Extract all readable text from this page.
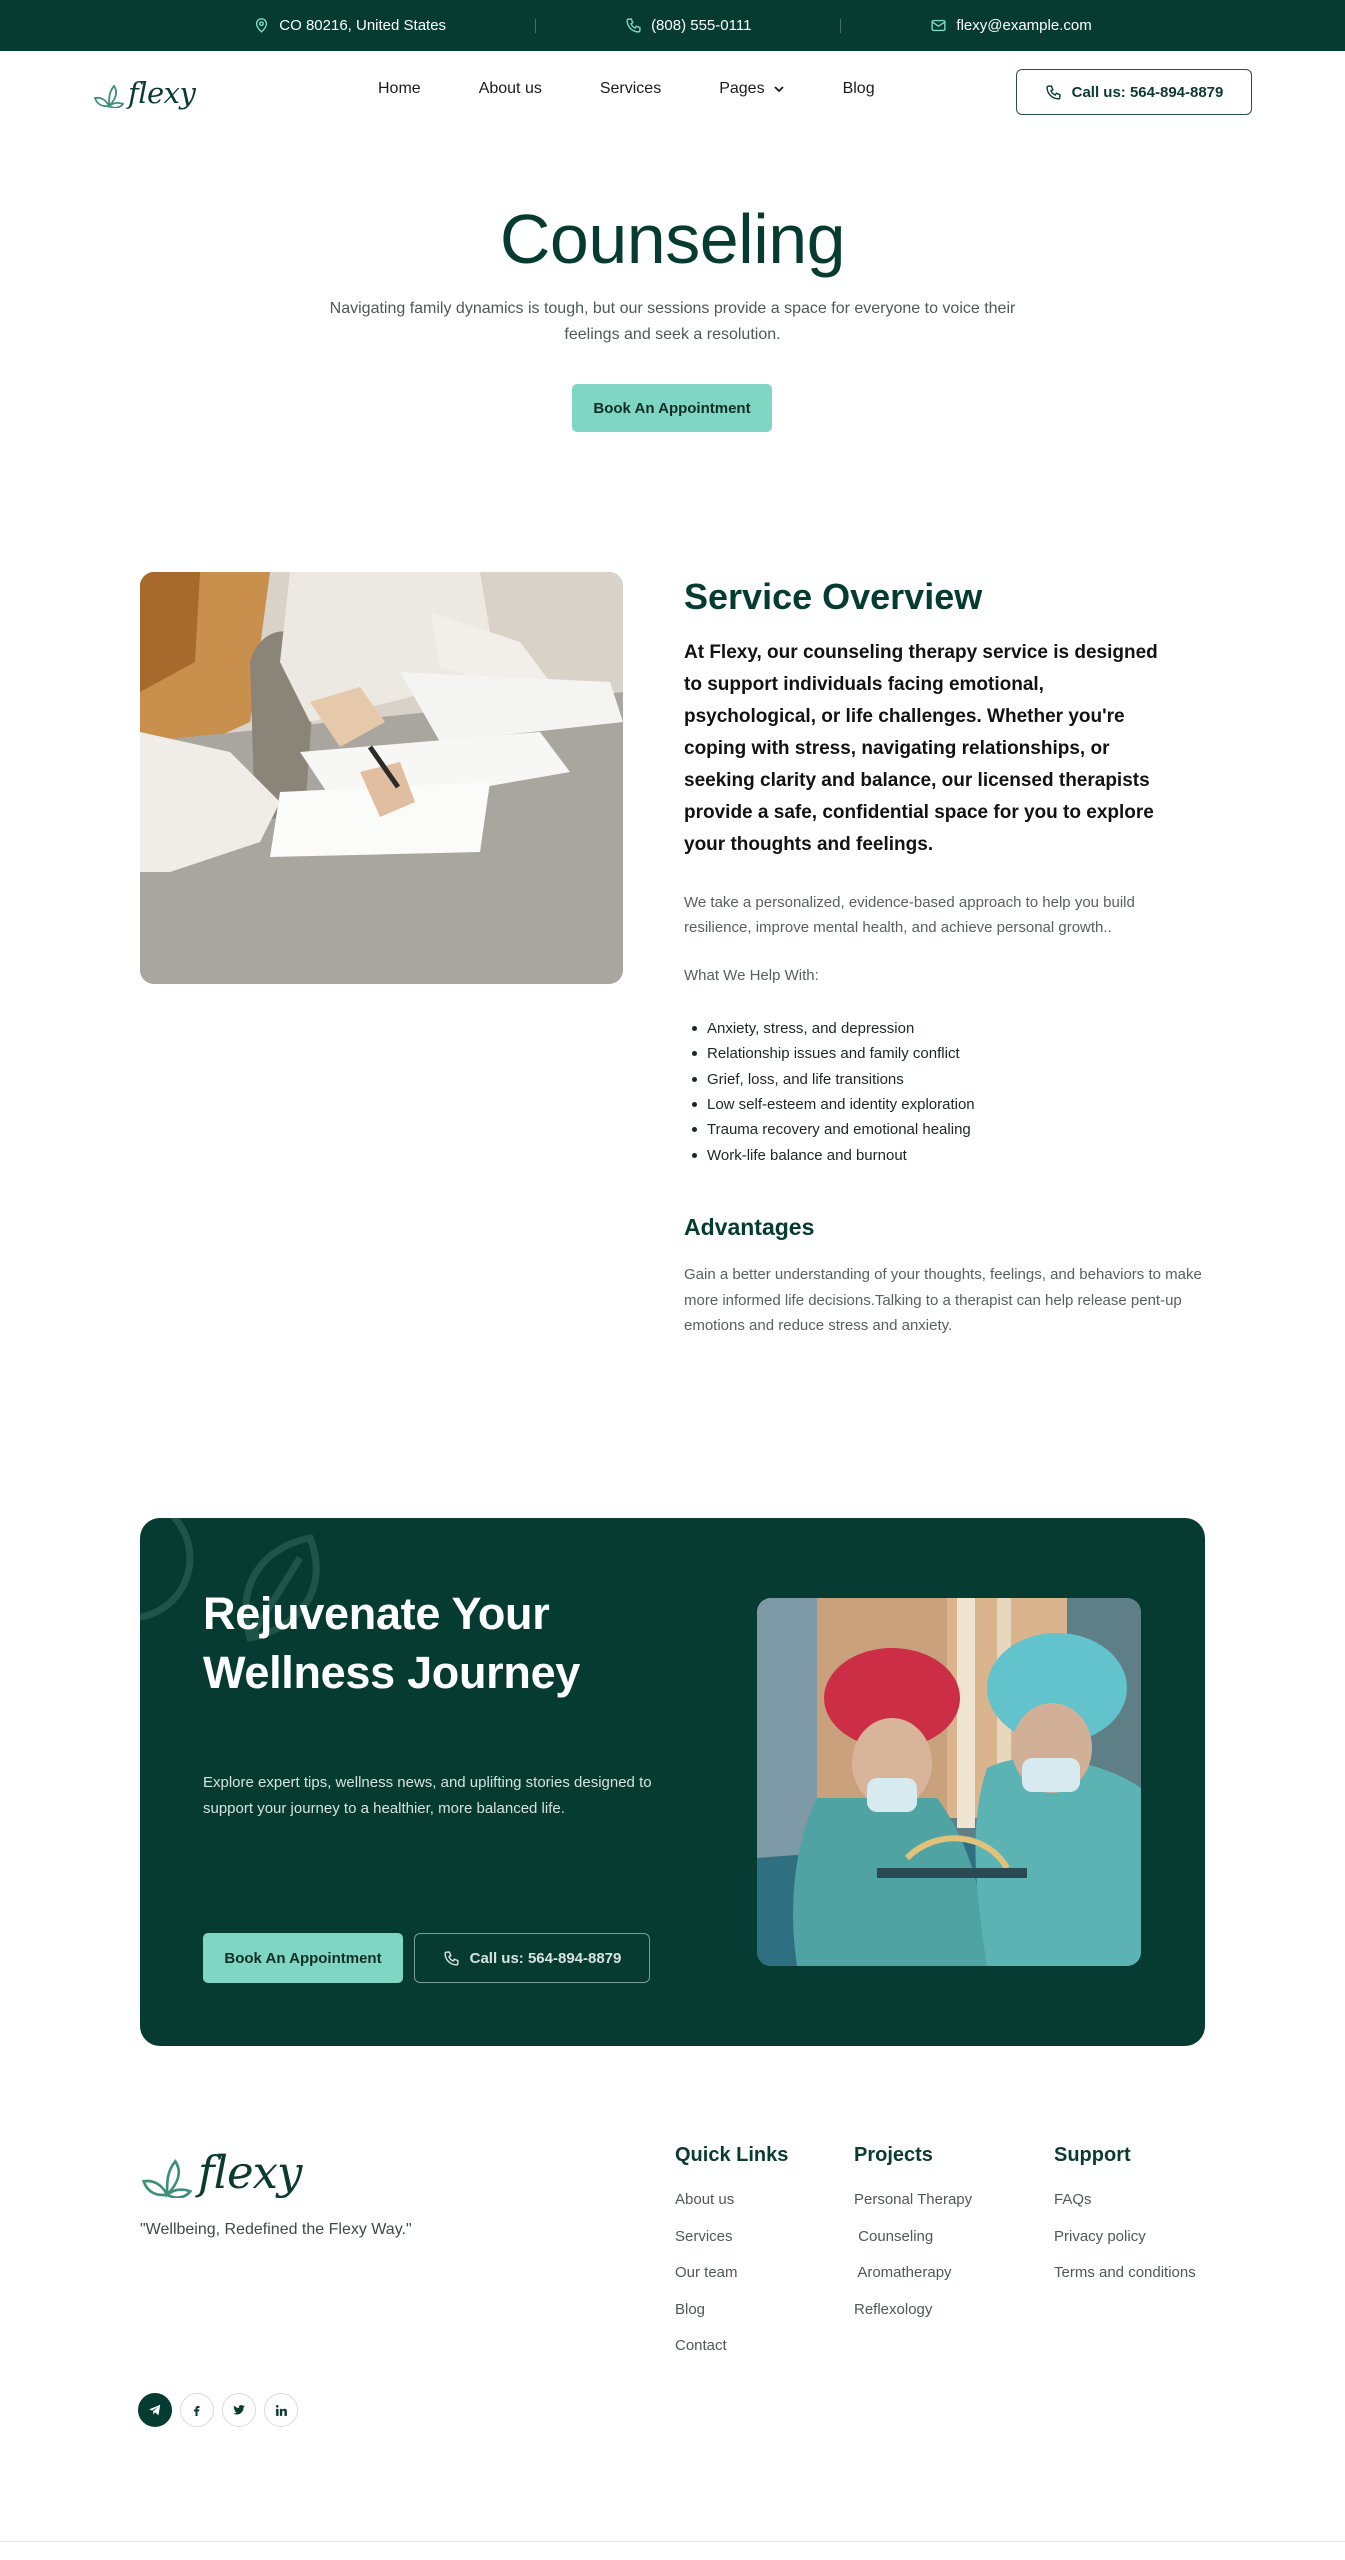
CO 80216, United States	(808) 555-0111	flexy@example.com
flexy	Home	About us	Services	Pages	Blog	Call us: 564-894-8879
Counseling

Navigating family dynamics is tough, but our sessions provide a space for everyone to voice their feelings and seek a resolution.

Book An Appointment
Service Overview

At Flexy, our counseling therapy service is designed to support individuals facing emotional, psychological, or life challenges. Whether you're coping with stress, navigating relationships, or seeking clarity and balance, our licensed therapists provide a safe, confidential space for you to explore your thoughts and feelings.

We take a personalized, evidence-based approach to help you build resilience, improve mental health, and achieve personal growth..

What We Help With:

Anxiety, stress, and depression
Relationship issues and family conflict
Grief, loss, and life transitions
Low self-esteem and identity exploration
Trauma recovery and emotional healing
Work-life balance and burnout
Advantages

Gain a better understanding of your thoughts, feelings, and behaviors to make more informed life decisions.Talking to a therapist can help release pent-up emotions and reduce stress and anxiety.

Rejuvenate Your Wellness Journey

Explore expert tips, wellness news, and uplifting stories designed to support your journey to a healthier, more balanced life.

Book An Appointment	Call us: 564-894-8879
flexy

"Wellbeing, Redefined the Flexy Way."

Quick Links
About us
Services
Our team
Blog
Contact
Projects
Personal Therapy
Counseling
Aromatherapy
Reflexology
Support
FAQs
Privacy policy
Terms and conditions
